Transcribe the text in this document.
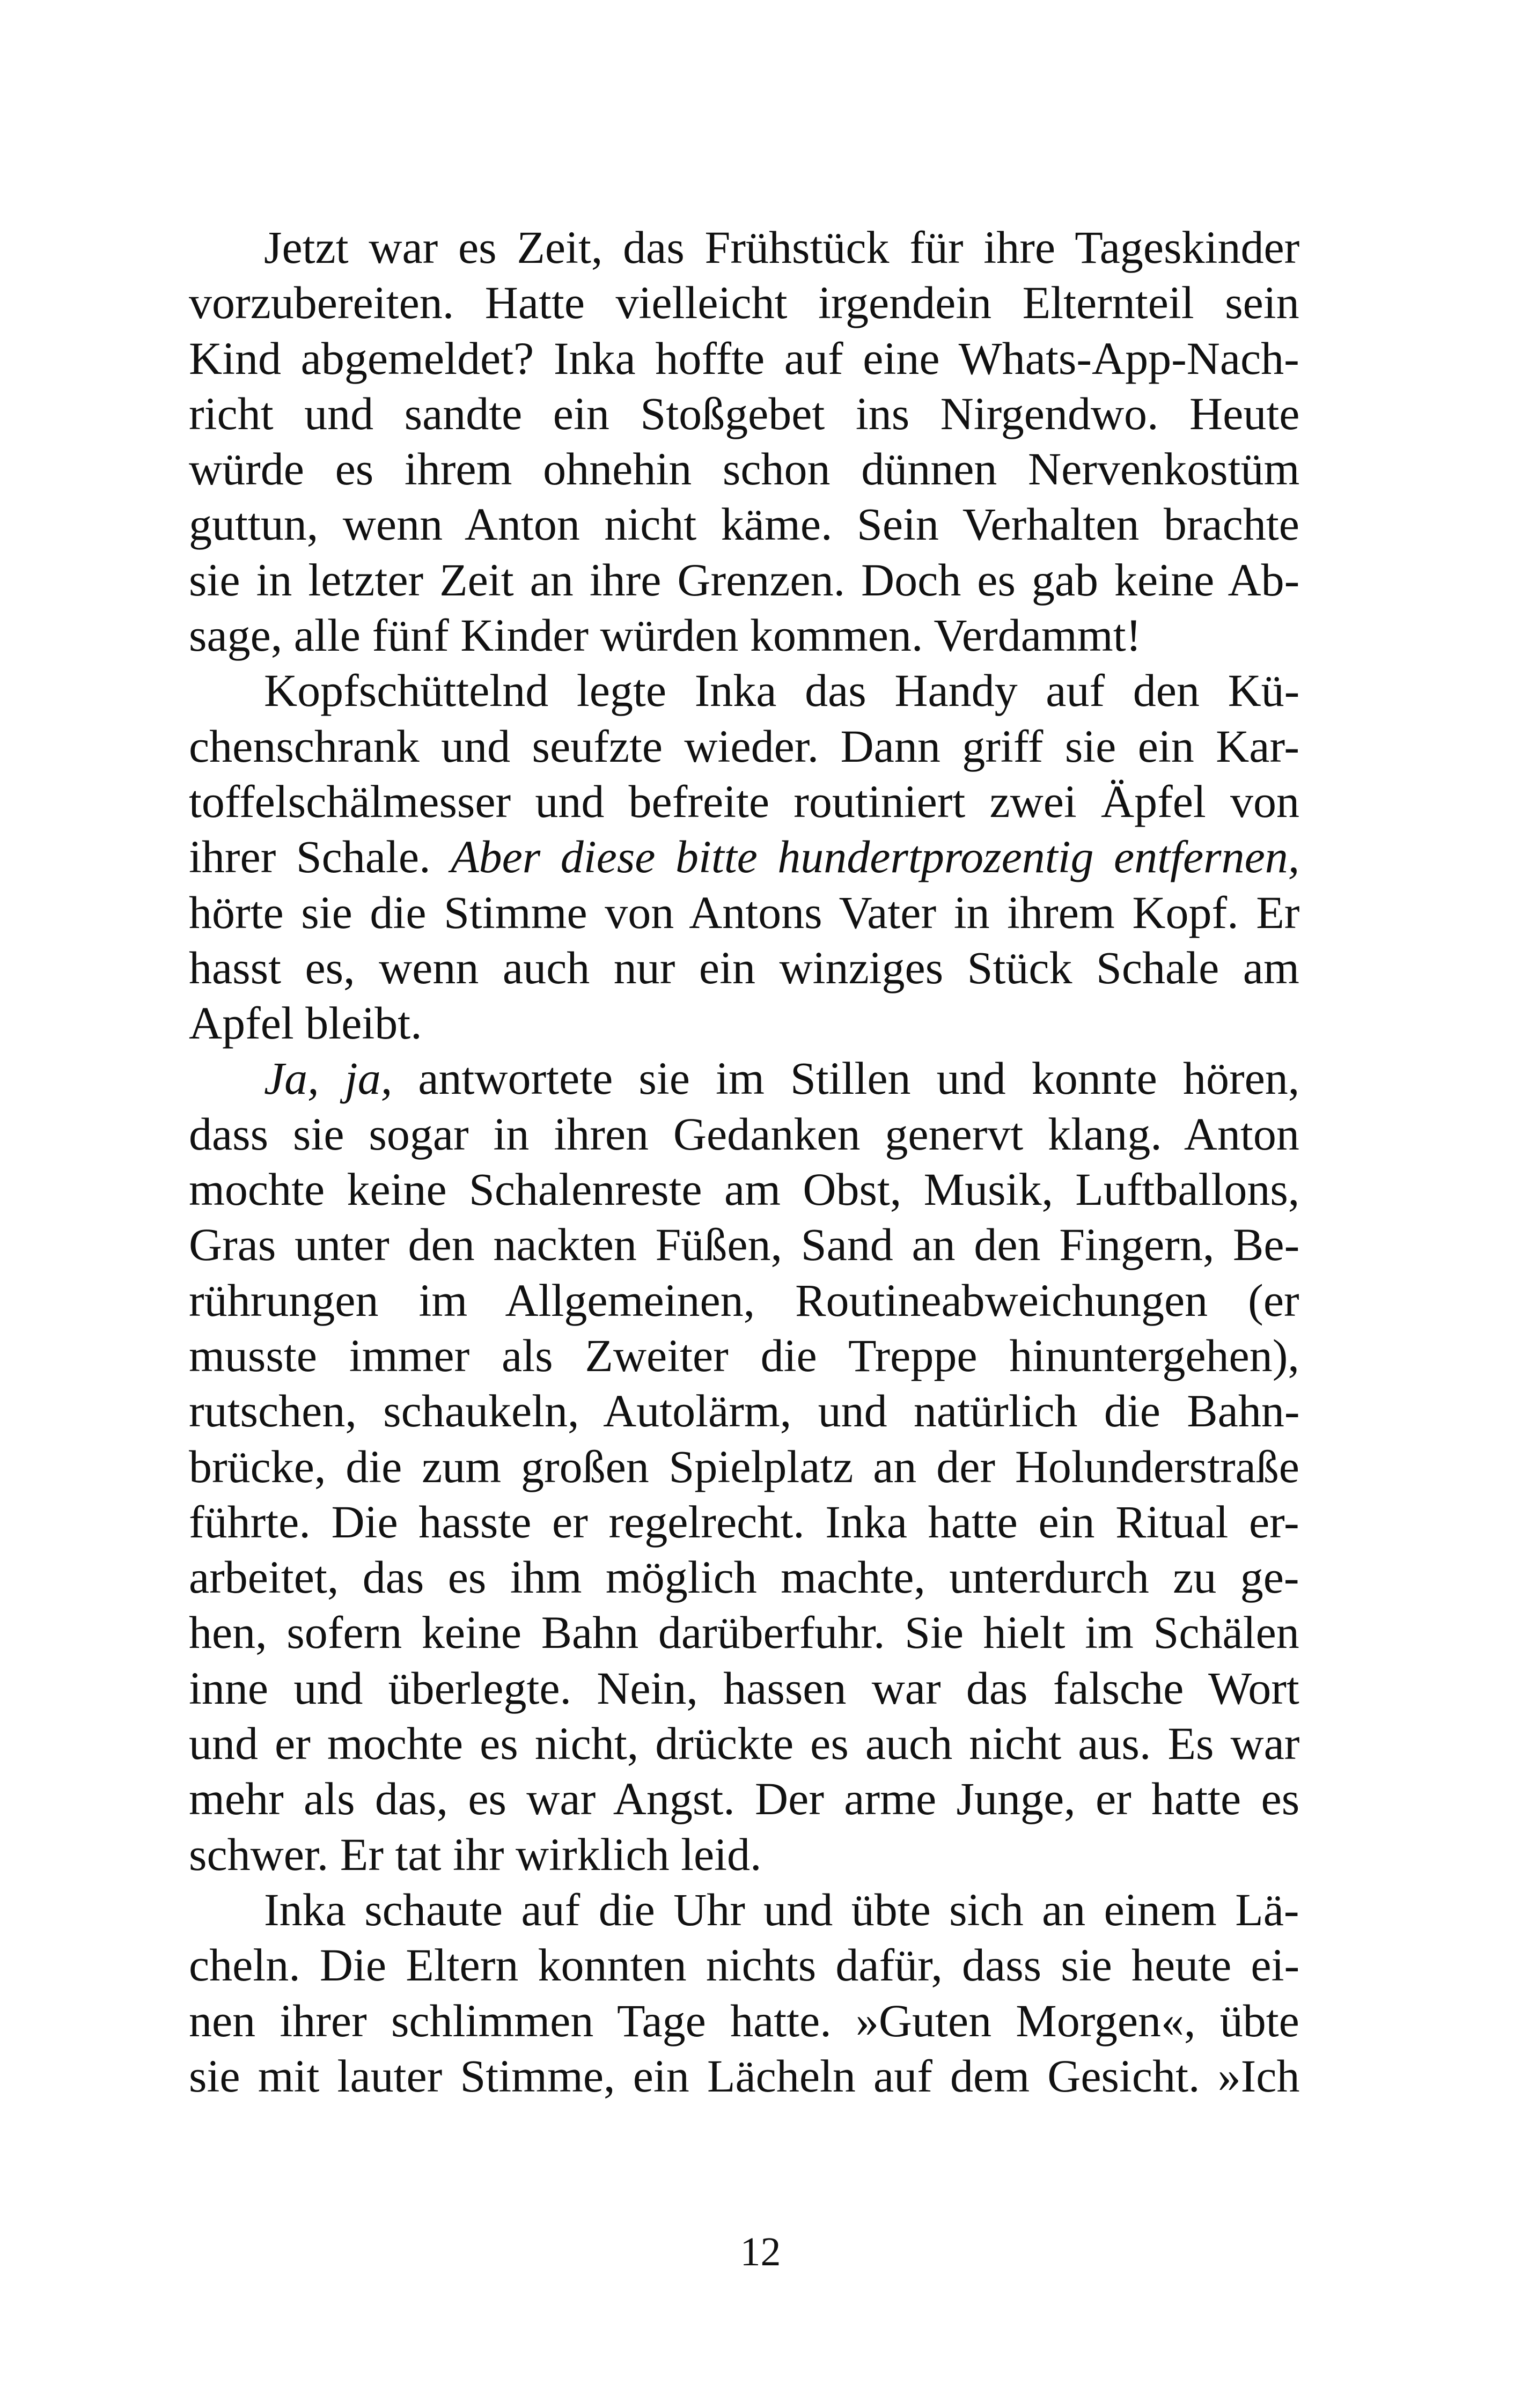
Jetzt war es Zeit, das Frühstück für ihre Tageskinder
vorzubereiten. Hatte vielleicht irgendein Elternteil sein
Kind abgemeldet? Inka hoffte auf eine Whats-App-Nach-
richt und sandte ein Stoßgebet ins Nirgendwo. Heute
würde es ihrem ohnehin schon dünnen Nervenkostüm
guttun, wenn Anton nicht käme. Sein Verhalten brachte
sie in letzter Zeit an ihre Grenzen. Doch es gab keine Ab-
sage, alle fünf Kinder würden kommen. Verdammt!
Kopfschüttelnd legte Inka das Handy auf den Kü-
chenschrank und seufzte wieder. Dann griff sie ein Kar-
toffelschälmesser und befreite routiniert zwei Äpfel von
ihrer Schale. Aber diese bitte hundertprozentig entfernen,
hörte sie die Stimme von Antons Vater in ihrem Kopf. Er
hasst es, wenn auch nur ein winziges Stück Schale am
Apfel bleibt.
Ja, ja, antwortete sie im Stillen und konnte hören,
dass sie sogar in ihren Gedanken genervt klang. Anton
mochte keine Schalenreste am Obst, Musik, Luftballons,
Gras unter den nackten Füßen, Sand an den Fingern, Be-
rührungen im Allgemeinen, Routineabweichungen (er
musste immer als Zweiter die Treppe hinuntergehen),
rutschen, schaukeln, Autolärm, und natürlich die Bahn-
brücke, die zum großen Spielplatz an der Holunderstraße
führte. Die hasste er regelrecht. Inka hatte ein Ritual er-
arbeitet, das es ihm möglich machte, unterdurch zu ge-
hen, sofern keine Bahn darüberfuhr. Sie hielt im Schälen
inne und überlegte. Nein, hassen war das falsche Wort
und er mochte es nicht, drückte es auch nicht aus. Es war
mehr als das, es war Angst. Der arme Junge, er hatte es
schwer. Er tat ihr wirklich leid.
Inka schaute auf die Uhr und übte sich an einem Lä-
cheln. Die Eltern konnten nichts dafür, dass sie heute ei-
nen ihrer schlimmen Tage hatte. »Guten Morgen«, übte
sie mit lauter Stimme, ein Lächeln auf dem Gesicht. »Ich
12
